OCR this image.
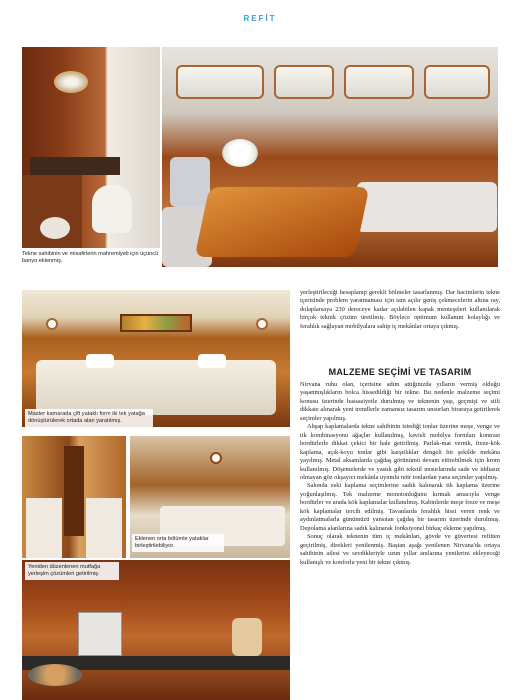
REFİT
Tekne sahibinin ve misafirlerin mahremiyeti için üçüncü banyo eklenmiş.
Master kamarada çift yataklı form iki tek yatağa dönüştürülerek ortada alan yaratılmış.
Eklenen orta bölümle yataklar birleştirilebiliyor.
Yeniden düzenlenen mutfağa yerleşim çözümleri getirilmiş.
yerleştirileceği hesaplanıp gerekli bölmeler tasarlanmış. Dar hacimlerin tekne içerisinde problem yaratmaması için tam açılır geniş çekmecelerin altına ray, dolaplarsaya 230 dereceye kadar açılabilen kapak menteşeleri kullanılarak birçok teknik çözüm üretilmiş. Böylece optimum kullanım kolaylığı ve ferahlık sağlayan mobilyalara sahip iç mekânlar ortaya çıkmış.
MALZEME SEÇİMİ VE TASARIM

Nirvana ruhu olan, içerisine adım attığınızda yılların vermiş olduğu yaşanmışlıkların bolca hissedildiği bir tekne. Bu nedenle malzeme seçimi konusu üzerinde hassasiyetle durulmuş ve teknenin yaşı, geçmişi ve stili dikkate alınarak yeni trendlerle zamansız tasarım unsurları biraraya getirilerek seçimler yapılmış.

Ahşap kaplamalarda tekne sahibinin istediği tonlar üzerine meşe, venge ve tik kombinasyonu ağaçlar kullanılmış, kavisli mobilya formları kontrast bordürlerle dikkat çekici bir hale getirilmiş. Parlak-mat vernik, freze-kök kaplama, açık-koyu tonlar gibi karşıtlıklar dengeli bir şekilde mekâna yayılmış. Metal aksamlarda çağdaş görünümü devam ettirebilmek için krom kullanılmış. Döşemelerde ve yastık gibi tekstil unsurlarında sade ve iddiasız olmayan göz okşayıcı mekânla uyumlu nötr tonlardan yana seçimler yapılmış.

Salonda eski kaplama seçimlerine sadık kalınarak tik kaplama üzerine yoğunlaşılmış. Tek malzeme monotonluğunu kırmak amacıyla venge bordürler ve arada kök kaplamalar kullanılmış. Kabinlerde meşe freze ve meşe kök kaplamalar tercih edilmiş. Tavanlarda ferahlık hissi veren renk ve aydınlatmalarla günümüzü yansıtan çağdaş bir tasarım üzerinde durulmuş. Depolama alanlarına sadık kalınarak fonksiyonel birkaç ekleme yapılmış.

Sonuç olarak teknenin tüm iç mekânları, gövde ve güvertesi refitten geçirilmiş, direkleri yenilenmiş. Baştan aşağı yenilenen Nirvana'da ortaya sahibinin ailesi ve sevdikleriyle uzun yıllar anılarına yenilerini ekleyeceği kullanışlı ve konforlu yeni bir tekne çıkmış.
